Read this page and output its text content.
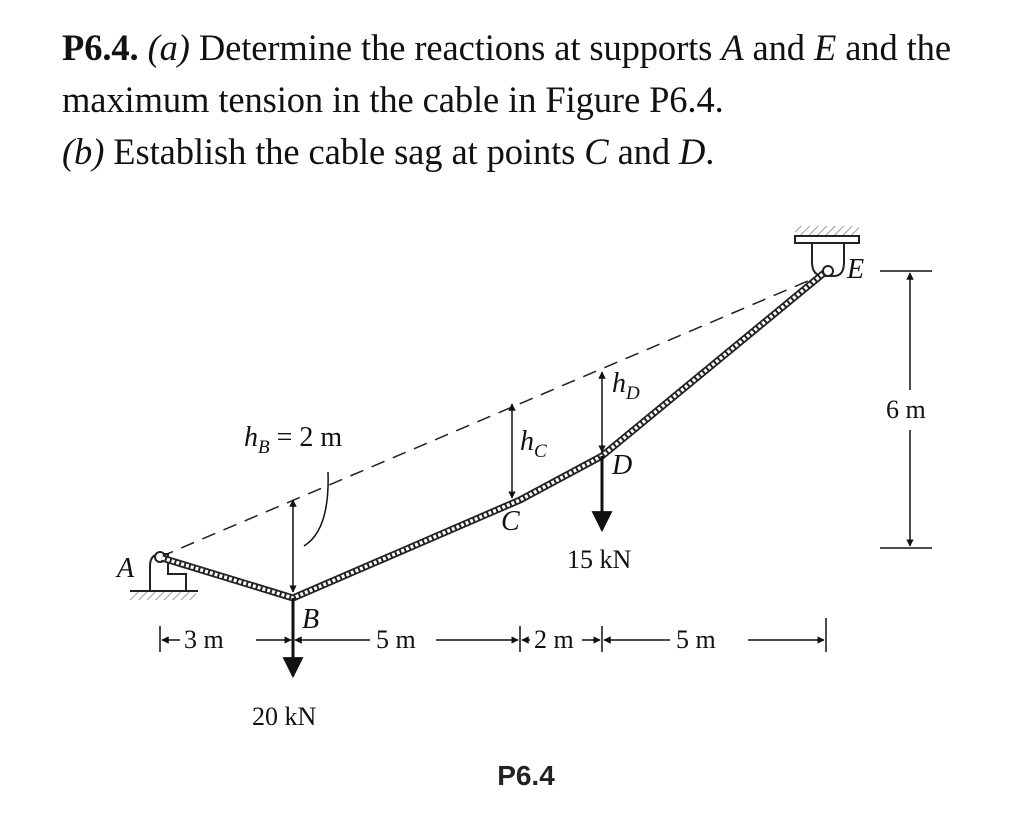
P6.4. (a) Determine the reactions at supports A and E and the maximum tension in the cable in Figure P6.4.
(b) Establish the cable sag at points C and D.
A
B
C
D
E
$h_B = 2$ m	$h_C$
$h_D$
20 kN
15 kN
3 m	5 m	2 m	5 m
6 m
P6.4
